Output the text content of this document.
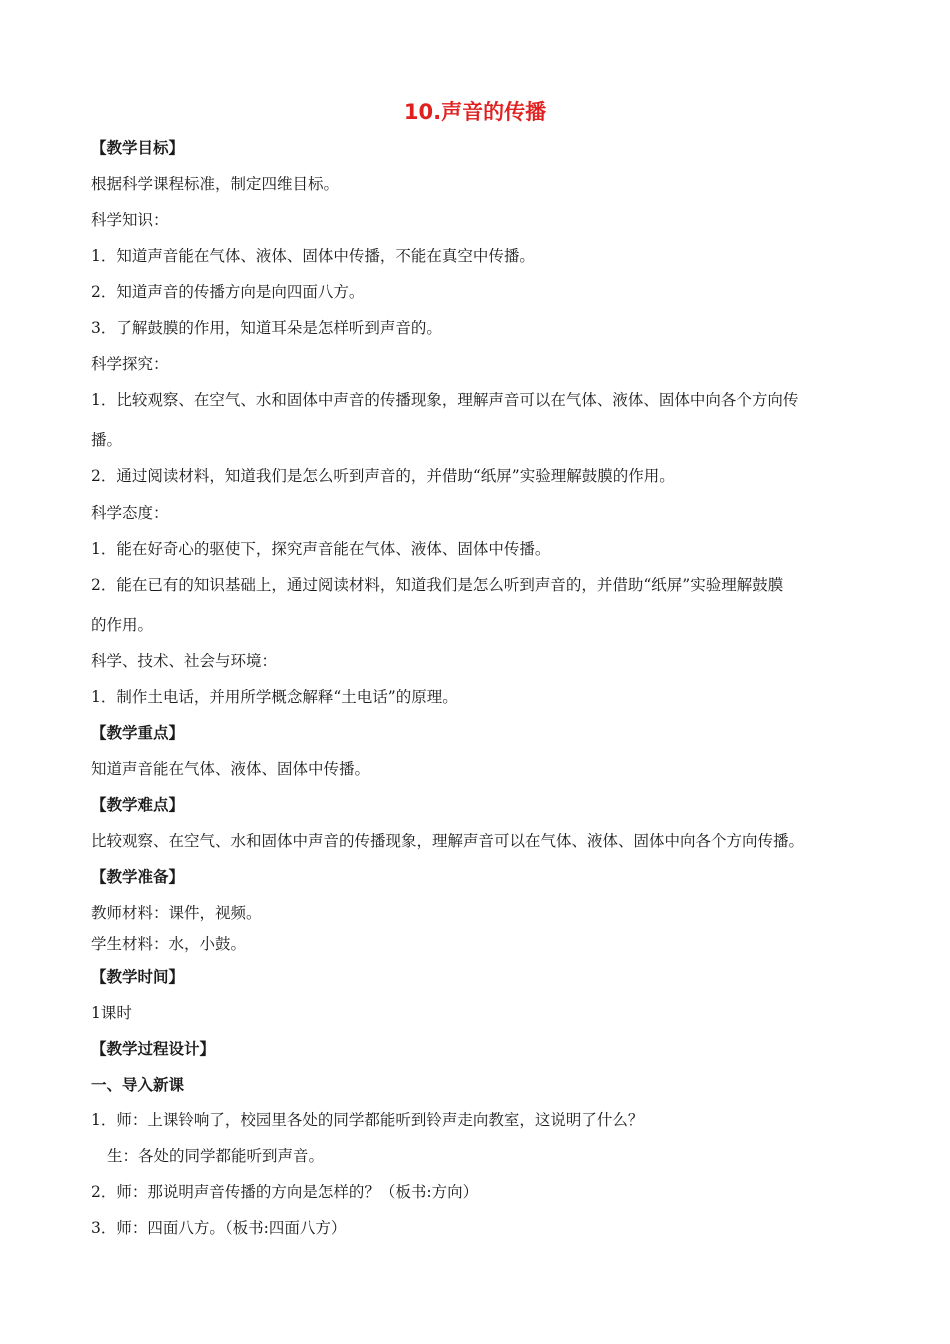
10.声音的传播
【教学目标】
根据科学课程标准，制定四维目标。
科学知识：
1．知道声音能在气体、液体、固体中传播，不能在真空中传播。
2．知道声音的传播方向是向四面八方。
3．了解鼓膜的作用，知道耳朵是怎样听到声音的。
科学探究：
1．比较观察、在空气、水和固体中声音的传播现象，理解声音可以在气体、液体、固体中向各个方向传
播。
2．通过阅读材料，知道我们是怎么听到声音的，并借助“纸屏”实验理解鼓膜的作用。
科学态度：
1．能在好奇心的驱使下，探究声音能在气体、液体、固体中传播。
2．能在已有的知识基础上，通过阅读材料，知道我们是怎么听到声音的，并借助“纸屏”实验理解鼓膜
的作用。
科学、技术、社会与环境：
1．制作土电话，并用所学概念解释“土电话”的原理。
【教学重点】
知道声音能在气体、液体、固体中传播。
【教学难点】
比较观察、在空气、水和固体中声音的传播现象，理解声音可以在气体、液体、固体中向各个方向传播。
【教学准备】
教师材料：课件，视频。
学生材料：水，小鼓。
【教学时间】
1课时
【教学过程设计】
一、导入新课
1．师：上课铃响了，校园里各处的同学都能听到铃声走向教室，这说明了什么？
生：各处的同学都能听到声音。
2．师：那说明声音传播的方向是怎样的？（板书:方向）
3．师：四面八方。（板书:四面八方）
